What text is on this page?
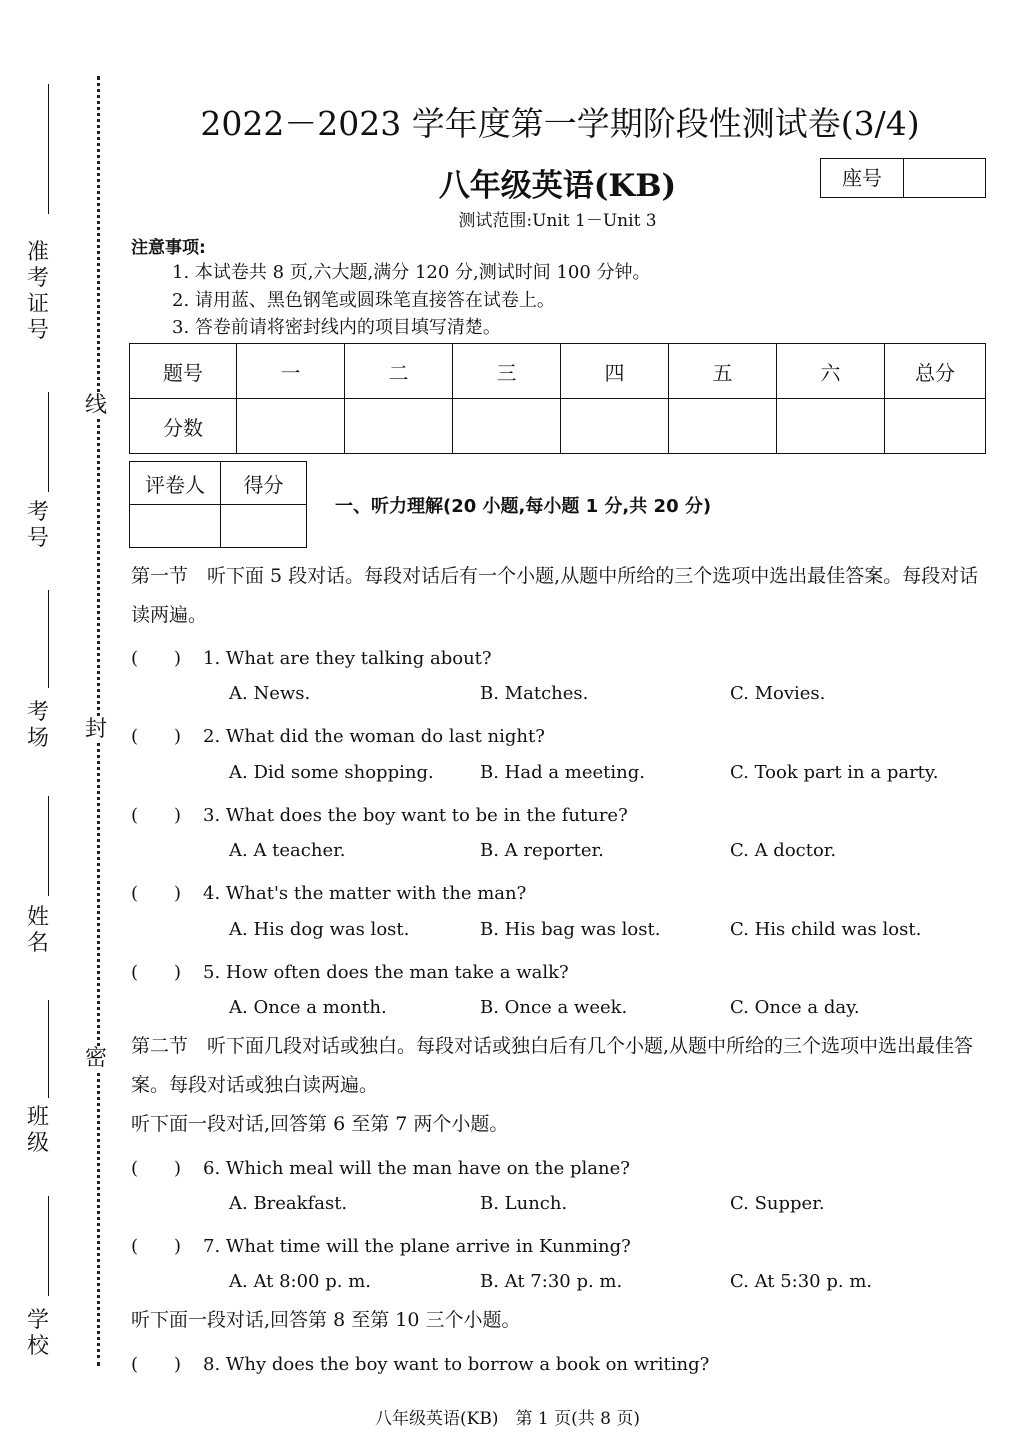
准考证号
考号
考场
姓名
班级
学校
线
封
密
2022－2023 学年度第一学期阶段性测试卷(3/4)
八年级英语(KB)	座号
测试范围:Unit 1－Unit 3
注意事项:
1. 本试卷共 8 页,六大题,满分 120 分,测试时间 100 分钟。
2. 请用蓝、黑色钢笔或圆珠笔直接答在试卷上。
3. 答卷前请将密封线内的项目填写清楚。
题号	一	二	三	四	五	六	总分
分数							
评卷人	得分

一、听力理解(20 小题,每小题 1 分,共 20 分)
第一节　听下面 5 段对话。每段对话后有一个小题,从题中所给的三个选项中选出最佳答案。每段对话读两遍。
(　　) 1. What are they talking about?
A. News.	B. Matches.	C. Movies.
(　　) 2. What did the woman do last night?
A. Did some shopping.	B. Had a meeting.	C. Took part in a party.
(　　) 3. What does the boy want to be in the future?
A. A teacher.	B. A reporter.	C. A doctor.
(　　) 4. What's the matter with the man?
A. His dog was lost.	B. His bag was lost.	C. His child was lost.
(　　) 5. How often does the man take a walk?
A. Once a month.	B. Once a week.	C. Once a day.
第二节　听下面几段对话或独白。每段对话或独白后有几个小题,从题中所给的三个选项中选出最佳答案。每段对话或独白读两遍。
听下面一段对话,回答第 6 至第 7 两个小题。
(　　) 6. Which meal will the man have on the plane?
A. Breakfast.	B. Lunch.	C. Supper.
(　　) 7. What time will the plane arrive in Kunming?
A. At 8:00 p. m.	B. At 7:30 p. m.	C. At 5:30 p. m.
听下面一段对话,回答第 8 至第 10 三个小题。
(　　) 8. Why does the boy want to borrow a book on writing?
八年级英语(KB)　第 1 页(共 8 页)
